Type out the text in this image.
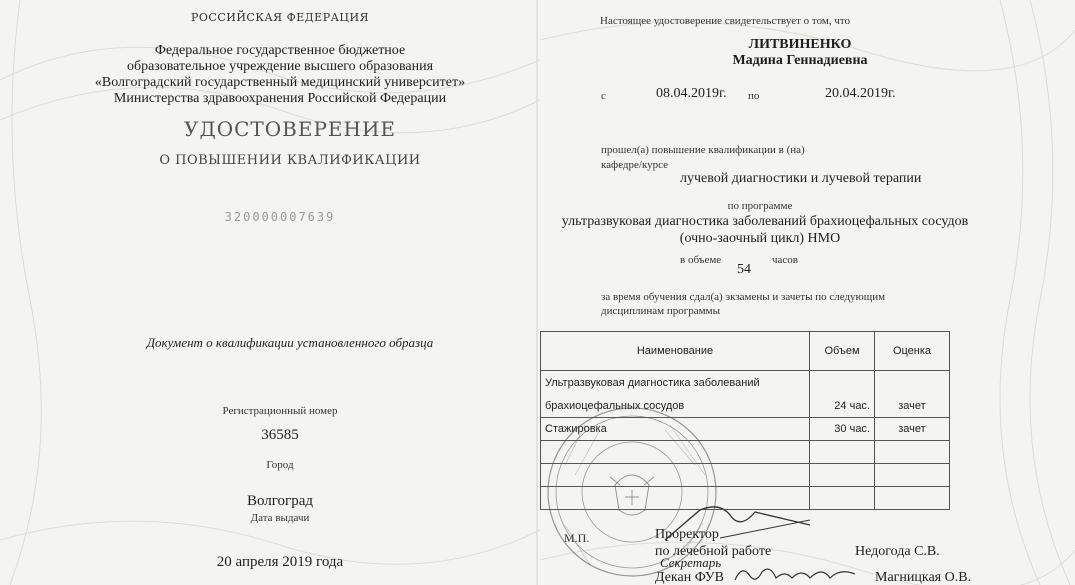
РОССИЙСКАЯ ФЕДЕРАЦИЯ
Федеральное государственное бюджетное
образовательное учреждение высшего образования
«Волгоградский государственный медицинский университет»
Министерства здравоохранения Российской Федерации
УДОСТОВЕРЕНИЕ
О ПОВЫШЕНИИ КВАЛИФИКАЦИИ
320000007639
Документ о квалификации установленного образца
Регистрационный номер
36585
Город
Волгоград
Дата выдачи
20 апреля 2019 года
Настоящее удостоверение свидетельствует о том, что
ЛИТВИНЕНКО
Мадина Геннадиевна
с	08.04.2019г. по	20.04.2019г.
прошел(а) повышение квалификации в (на)
кафедре/курсе
лучевой диагностики и лучевой терапии
по программе
ультразвуковая диагностика заболеваний брахиоцефальных сосудов
(очно-заочный цикл) НМО
в объеме	часов
54
за время обучения сдал(а) экзамены и зачеты по следующим
дисциплинам программы
Наименование	Объем	Оценка
Ультразвуковая диагностика заболеваний		
брахиоцефальных сосудов	24 час.	зачет
Стажировка	30 час.	зачет

М.П.	Проректор
по лечебной работе	Недогода С.В.
Секретарь
Декан ФУВ	Магницкая О.В.
